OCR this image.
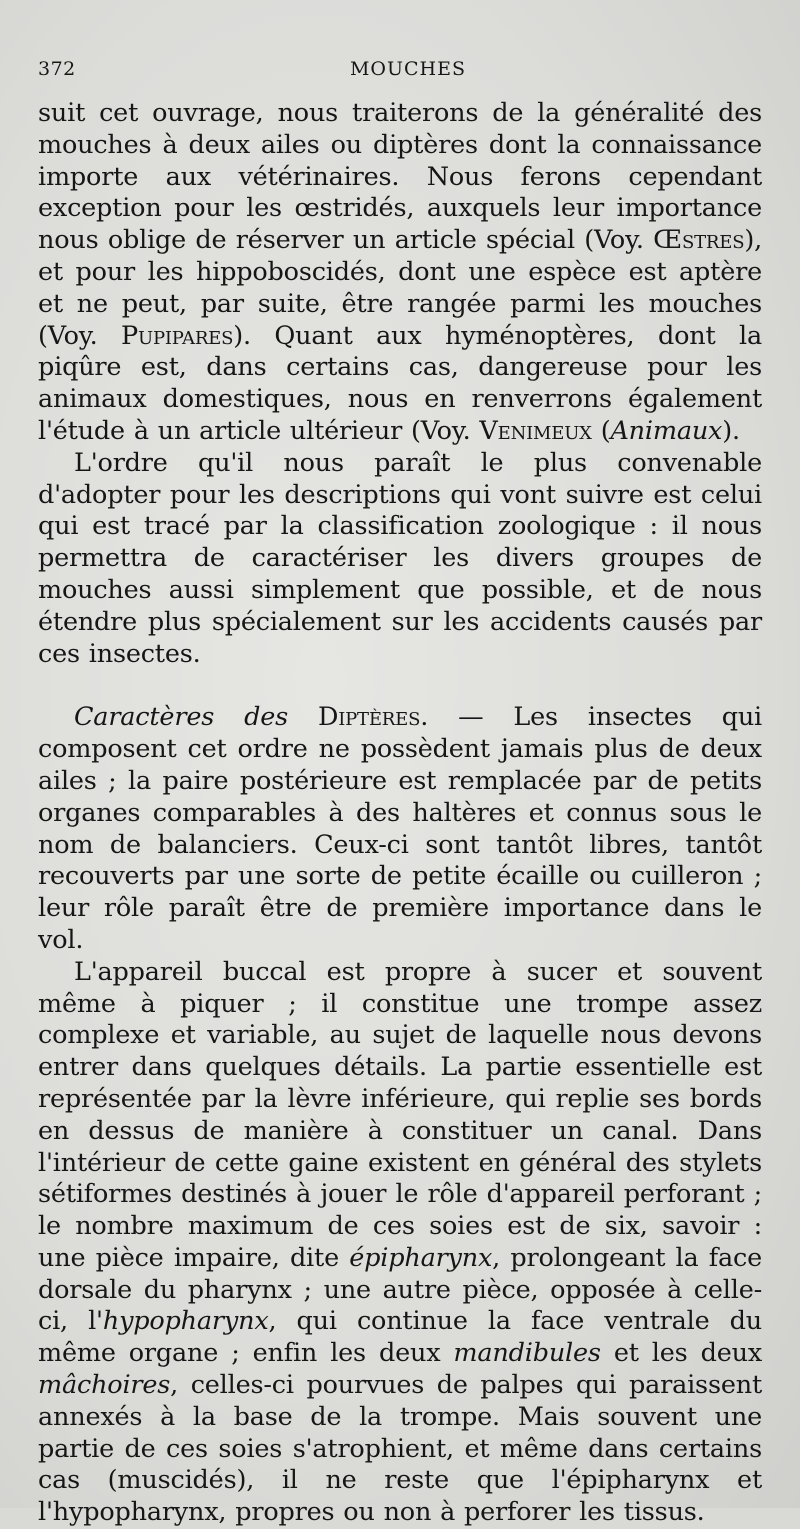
MOUCHES
372

suit cet ouvrage, nous traiterons de la généralité des mouches à deux ailes ou diptères dont la connaissance importe aux vétérinaires. Nous ferons cependant exception pour les œstridés, auxquels leur importance nous oblige de réserver un article spécial (Voy. Œstres), et pour les hippoboscidés, dont une espèce est aptère et ne peut, par suite, être rangée parmi les mouches (Voy. Pupipares). Quant aux hyménoptères, dont la piqûre est, dans certains cas, dangereuse pour les animaux domestiques, nous en renverrons également l'étude à un article ultérieur (Voy. Venimeux (Animaux).

L'ordre qu'il nous paraît le plus convenable d'adopter pour les descriptions qui vont suivre est celui qui est tracé par la classification zoologique : il nous permettra de caractériser les divers groupes de mouches aussi simplement que possible, et de nous étendre plus spécialement sur les accidents causés par ces insectes.

Caractères des Diptères. — Les insectes qui composent cet ordre ne possèdent jamais plus de deux ailes ; la paire postérieure est remplacée par de petits organes comparables à des haltères et connus sous le nom de balanciers. Ceux-ci sont tantôt libres, tantôt recouverts par une sorte de petite écaille ou cuilleron ; leur rôle paraît être de première importance dans le vol.

L'appareil buccal est propre à sucer et souvent même à piquer ; il constitue une trompe assez complexe et variable, au sujet de laquelle nous devons entrer dans quelques détails. La partie essentielle est représentée par la lèvre inférieure, qui replie ses bords en dessus de manière à constituer un canal. Dans l'intérieur de cette gaine existent en général des stylets sétiformes destinés à jouer le rôle d'appareil perforant ; le nombre maximum de ces soies est de six, savoir : une pièce impaire, dite épipharynx, prolongeant la face dorsale du pharynx ; une autre pièce, opposée à celle-ci, l'hypopharynx, qui continue la face ventrale du même organe ; enfin les deux mandibules et les deux mâchoires, celles-ci pourvues de palpes qui paraissent annexés à la base de la trompe. Mais souvent une partie de ces soies s'atrophient, et même dans certains cas (muscidés), il ne reste que l'épipharynx et l'hypopharynx, propres ou non à perforer les tissus.
